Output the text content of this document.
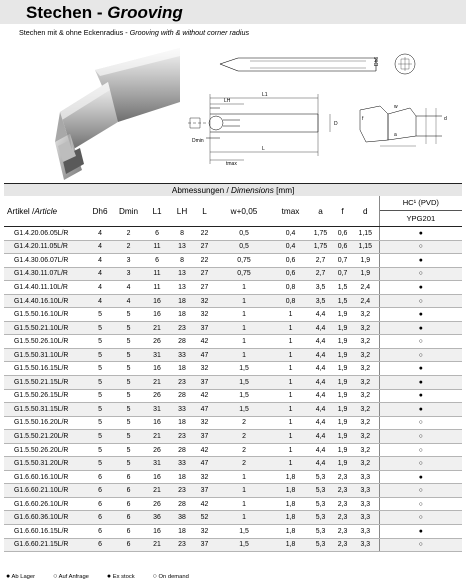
Stechen - Grooving
Stechen mit & ohne Eckenradius - Grooving with & without corner radius
L1
LH
L
D
Dh6
Dmin
tmax
a
f	d
w
Abmessungen / Dimensions [mm]											
Artikel /Article	Dh6	Dmin	L1	LH	L	w+0,05	tmax	a	f	d	HC¹ (PVD)
YPG201

G1.4.20.06.05L/R	4	2	6	8	22	0,5	0,4	1,75	0,6	1,15	●
G1.4.20.11.05L/R	4	2	11	13	27	0,5	0,4	1,75	0,6	1,15	○
G1.4.30.06.07L/R	4	3	6	8	22	0,75	0,6	2,7	0,7	1,9	●
G1.4.30.11.07L/R	4	3	11	13	27	0,75	0,6	2,7	0,7	1,9	○
G1.4.40.11.10L/R	4	4	11	13	27	1	0,8	3,5	1,5	2,4	●
G1.4.40.16.10L/R	4	4	16	18	32	1	0,8	3,5	1,5	2,4	○
G1.5.50.16.10L/R	5	5	16	18	32	1	1	4,4	1,9	3,2	●
G1.5.50.21.10L/R	5	5	21	23	37	1	1	4,4	1,9	3,2	●
G1.5.50.26.10L/R	5	5	26	28	42	1	1	4,4	1,9	3,2	○
G1.5.50.31.10L/R	5	5	31	33	47	1	1	4,4	1,9	3,2	○
G1.5.50.16.15L/R	5	5	16	18	32	1,5	1	4,4	1,9	3,2	●
G1.5.50.21.15L/R	5	5	21	23	37	1,5	1	4,4	1,9	3,2	●
G1.5.50.26.15L/R	5	5	26	28	42	1,5	1	4,4	1,9	3,2	●
G1.5.50.31.15L/R	5	5	31	33	47	1,5	1	4,4	1,9	3,2	●
G1.5.50.16.20L/R	5	5	16	18	32	2	1	4,4	1,9	3,2	○
G1.5.50.21.20L/R	5	5	21	23	37	2	1	4,4	1,9	3,2	○
G1.5.50.26.20L/R	5	5	26	28	42	2	1	4,4	1,9	3,2	○
G1.5.50.31.20L/R	5	5	31	33	47	2	1	4,4	1,9	3,2	○
G1.6.60.16.10L/R	6	6	16	18	32	1	1,8	5,3	2,3	3,3	●
G1.6.60.21.10L/R	6	6	21	23	37	1	1,8	5,3	2,3	3,3	○
G1.6.60.26.10L/R	6	6	26	28	42	1	1,8	5,3	2,3	3,3	○
G1.6.60.36.10L/R	6	6	36	38	52	1	1,8	5,3	2,3	3,3	○
G1.6.60.16.15L/R	6	6	16	18	32	1,5	1,8	5,3	2,3	3,3	●
G1.6.60.21.15L/R	6	6	21	23	37	1,5	1,8	5,3	2,3	3,3	○
● Ab Lager	○ Auf Anfrage	● Ex stock	○ On demand
